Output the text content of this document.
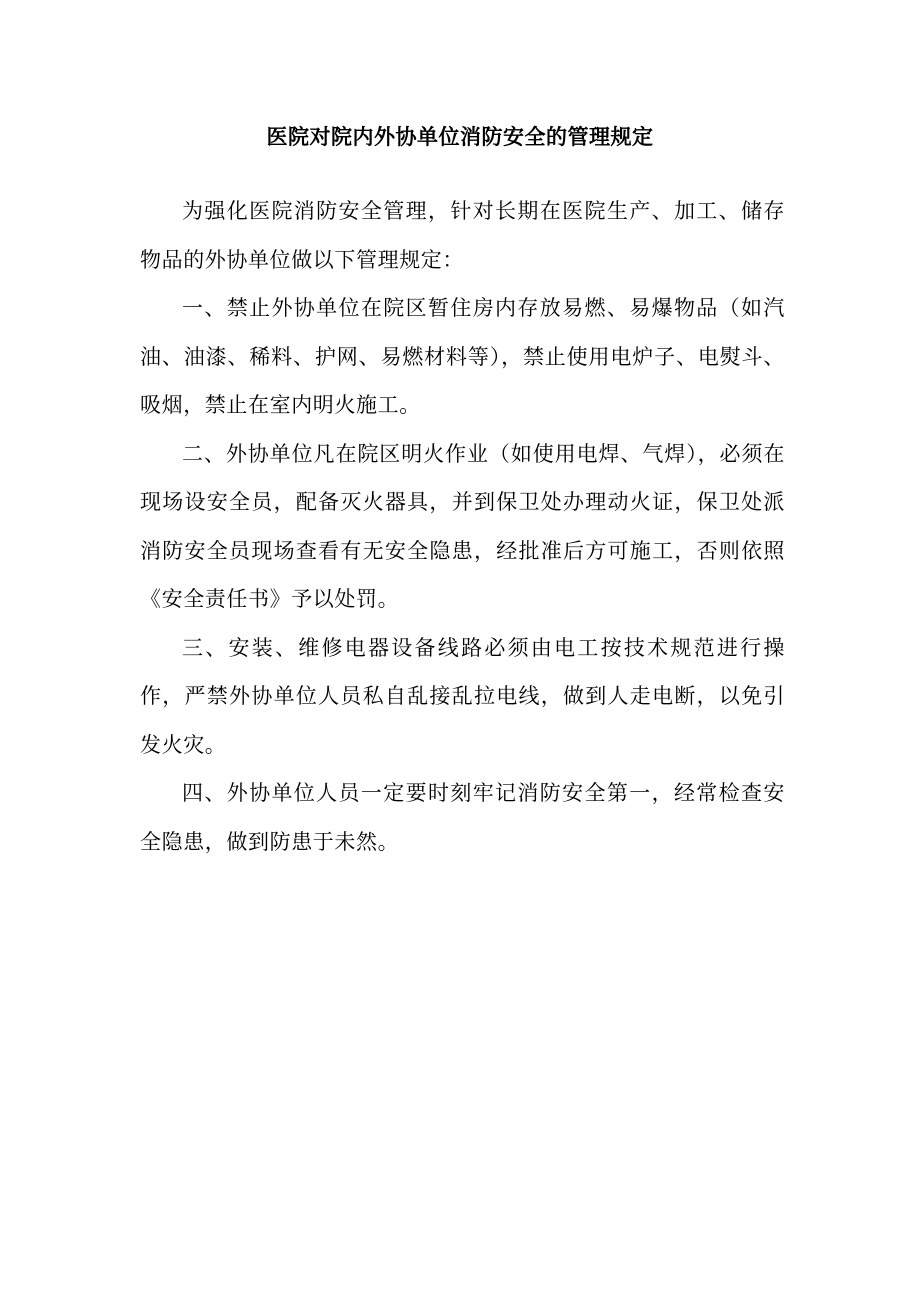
医院对院内外协单位消防安全的管理规定

为强化医院消防安全管理，针对长期在医院生产、加工、储存物品的外协单位做以下管理规定：

一、禁止外协单位在院区暂住房内存放易燃、易爆物品（如汽油、油漆、稀料、护网、易燃材料等），禁止使用电炉子、电熨斗、吸烟，禁止在室内明火施工。

二、外协单位凡在院区明火作业（如使用电焊、气焊），必须在现场设安全员，配备灭火器具，并到保卫处办理动火证，保卫处派消防安全员现场查看有无安全隐患，经批准后方可施工，否则依照《安全责任书》予以处罚。

三、安装、维修电器设备线路必须由电工按技术规范进行操作，严禁外协单位人员私自乱接乱拉电线，做到人走电断，以免引发火灾。

四、外协单位人员一定要时刻牢记消防安全第一，经常检查安全隐患，做到防患于未然。
